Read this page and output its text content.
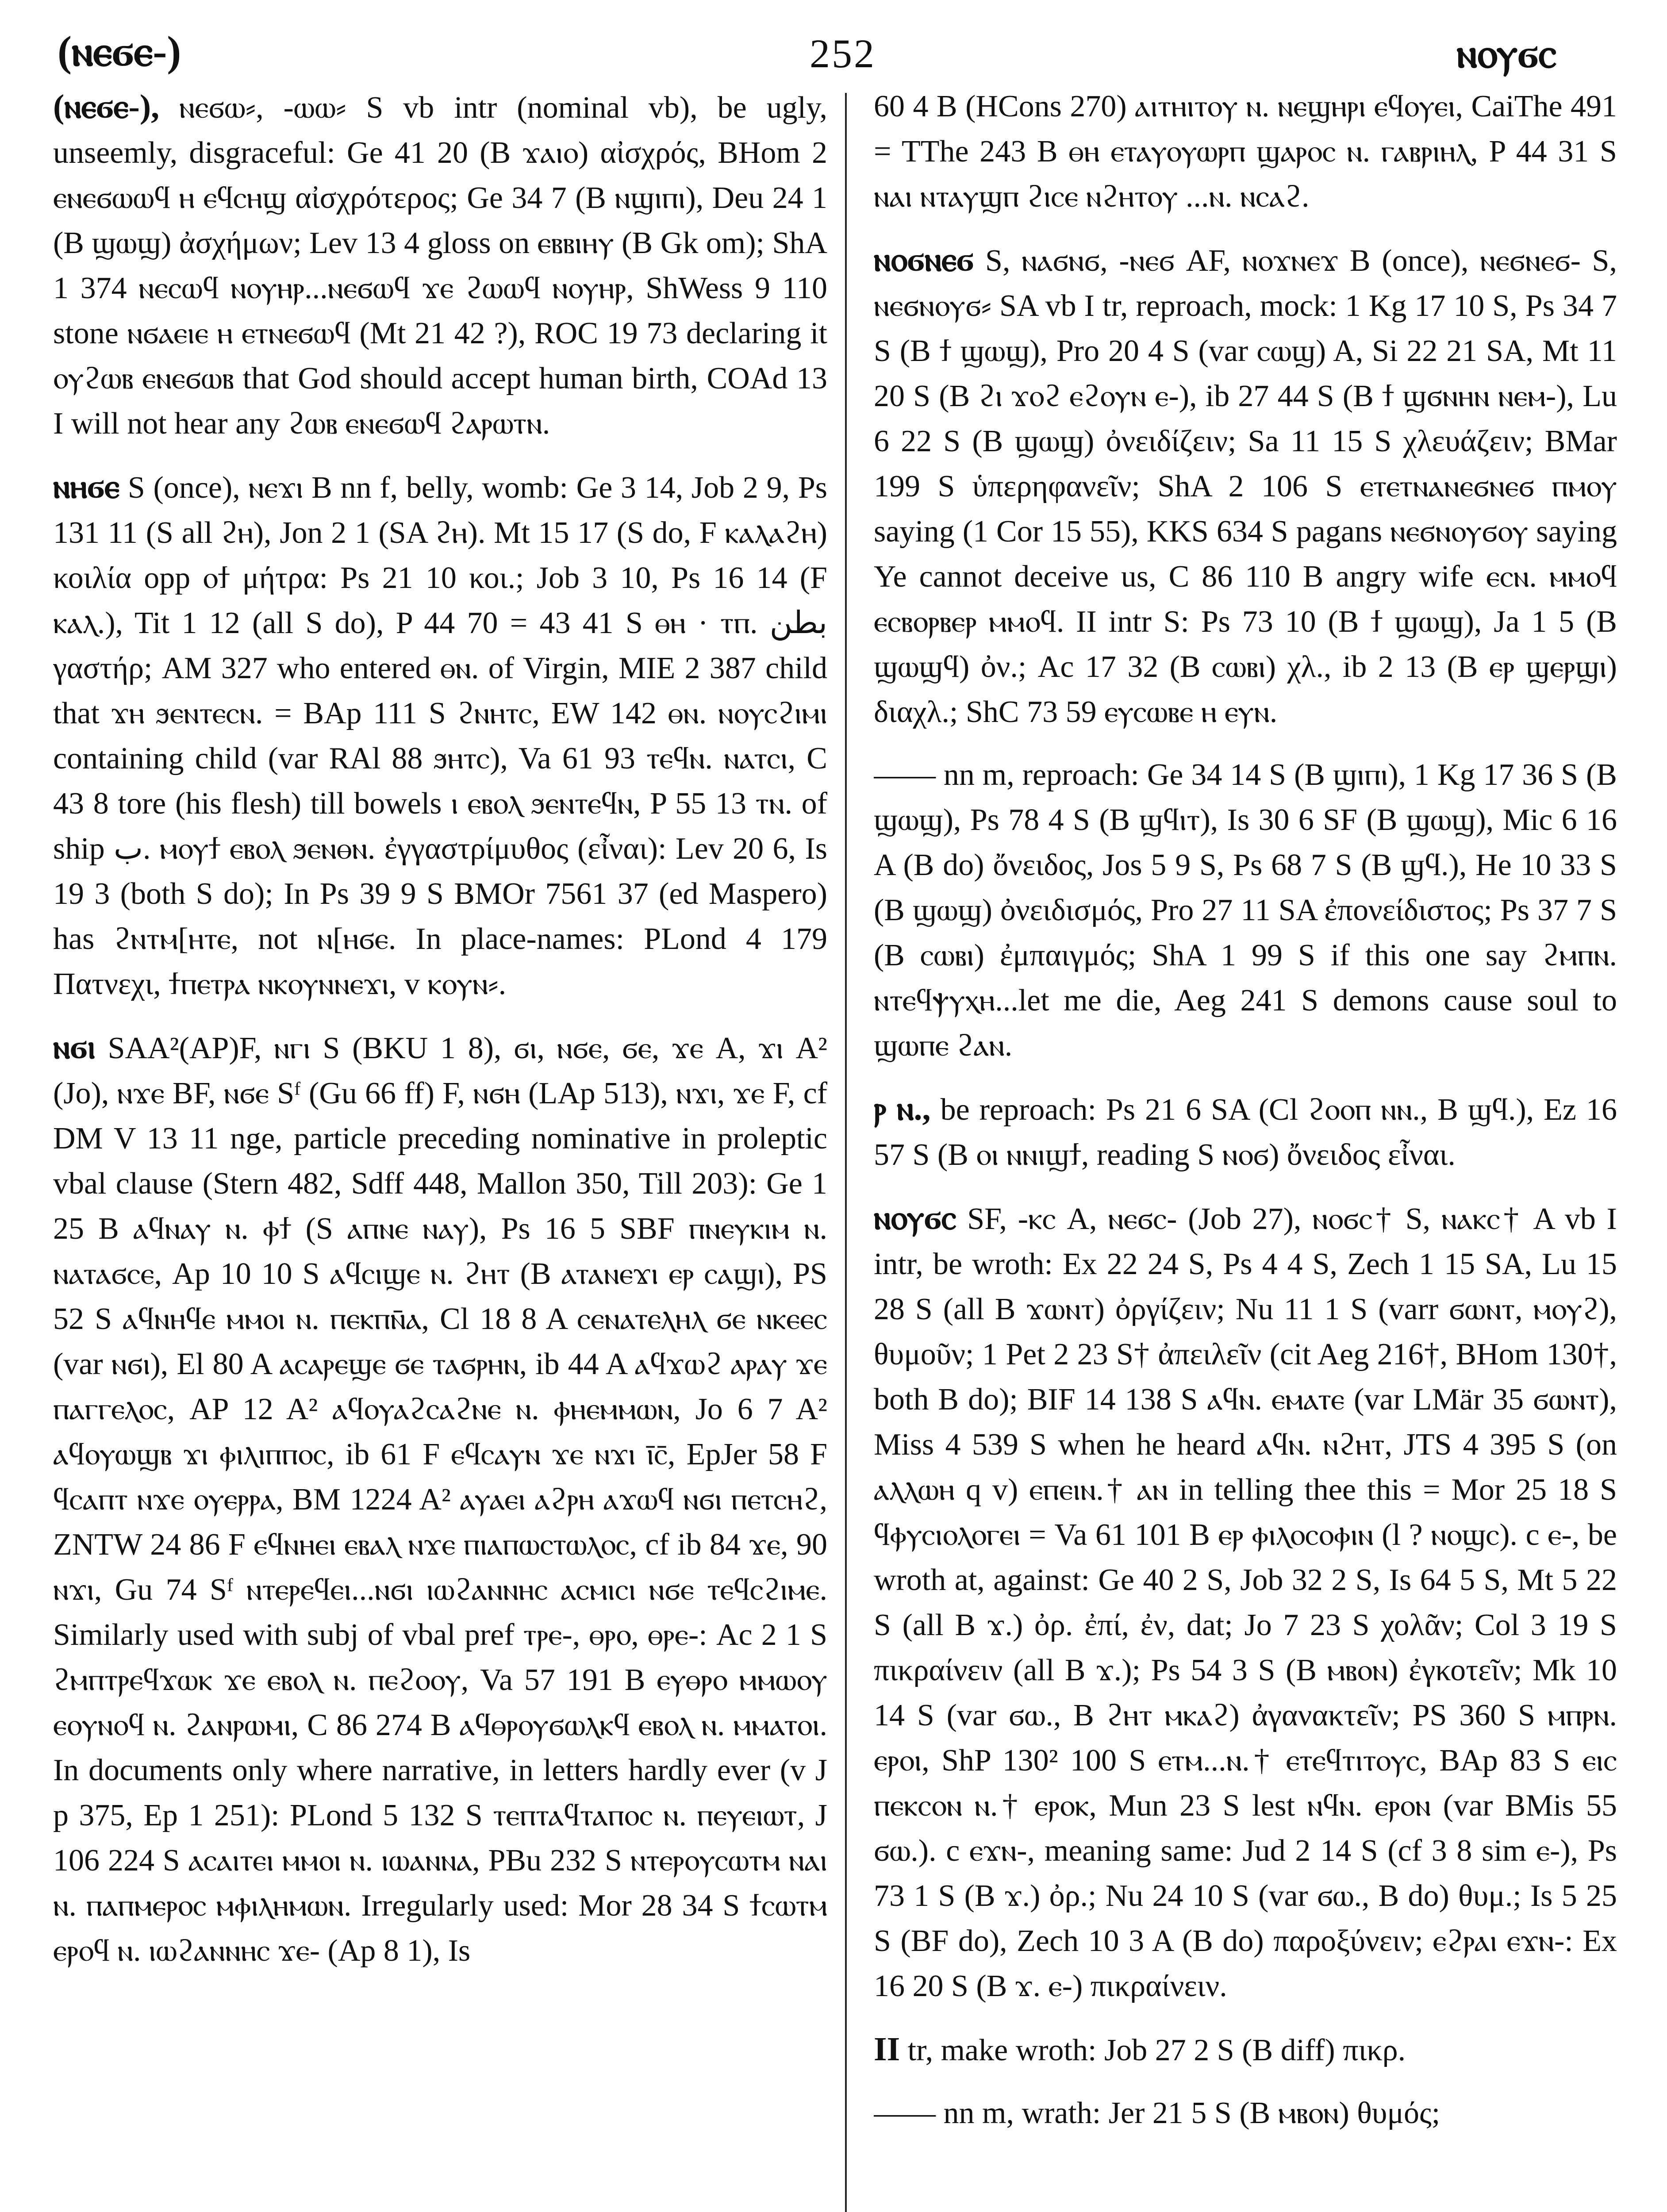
(ⲛⲉϭⲉ-)	252	ⲛⲟⲩϭⲥ

(ⲛⲉϭⲉ-), ⲛⲉϭⲱ⸗, -ⲱⲱ⸗ S vb intr (nominal vb), be ugly, unseemly, disgraceful: Ge 41 20 (B ϫⲁⲓⲟ) αἰσχρός, BHom 2 ⲉⲛⲉϭⲱⲱϥ ⲏ ⲉϥⲥⲏϣ αἰσχρότερος; Ge 34 7 (B ⲛϣⲓⲡⲓ), Deu 24 1 (B ϣⲱϣ) ἀσχήμων; Lev 13 4 gloss on ⲉⲃⲃⲓⲏⲩ (B Gk om); ShA 1 374 ⲛⲉⲥⲱϥ ⲛⲟⲩⲏⲣ...ⲛⲉϭⲱϥ ϫⲉ ϩⲱⲱϥ ⲛⲟⲩⲏⲣ, ShWess 9 110 stone ⲛϭⲁⲉⲓⲉ ⲏ ⲉⲧⲛⲉϭⲱϥ (Mt 21 42 ?), ROC 19 73 declaring it ⲟⲩϩⲱⲃ ⲉⲛⲉϭⲱⲃ that God should accept human birth, COAd 13 I will not hear any ϩⲱⲃ ⲉⲛⲉϭⲱϥ ϩⲁⲣⲱⲧⲛ.

ⲛⲏϭⲉ S (once), ⲛⲉϫⲓ B nn f, belly, womb: Ge 3 14, Job 2 9, Ps 131 11 (S all ϩⲏ), Jon 2 1 (SA ϩⲏ). Mt 15 17 (S do, F ⲕⲁⲗⲁϩⲏ) κοιλία opp ⲟϯ μήτρα: Ps 21 10 κοι.; Job 3 10, Ps 16 14 (F ⲕⲁⲗ.), Tit 1 12 (all S do), P 44 70 = 43 41 S ⲑⲏ · ⲧⲡ. بطن γαστήρ; AM 327 who entered ⲑⲛ. of Virgin, MIE 2 387 child that ϫⲏ ϧⲉⲛⲧⲉⲥⲛ. = BAp 111 S ϩⲛⲏⲧⲥ, EW 142 ⲑⲛ. ⲛⲟⲩⲥϩⲓⲙⲓ containing child (var RAl 88 ϧⲏⲧⲥ), Va 61 93 ⲧⲉϥⲛ. ⲛⲁⲧⲥⲓ, C 43 8 tore (his flesh) till bowels ⲓ ⲉⲃⲟⲗ ϧⲉⲛⲧⲉϥⲛ, P 55 13 ⲧⲛ. of ship ب. ⲙⲟⲩϯ ⲉⲃⲟⲗ ϧⲉⲛⲑⲛ. ἐγγαστρίμυθος (εἶναι): Lev 20 6, Is 19 3 (both S do); In Ps 39 9 S BMOr 7561 37 (ed Maspero) has ϩⲛⲧⲙ[ⲏⲧⲉ, not ⲛ[ⲏϭⲉ. In place-names: PLond 4 179 Πατνεχι, ϯⲡⲉⲧⲣⲁ ⲛⲕⲟⲩⲛⲛⲉϫⲓ, v ⲕⲟⲩⲛ⸗.

ⲛϭⲓ SAA²(AP)F, ⲛⲅⲓ S (BKU 1 8), ϭⲓ, ⲛϭⲉ, ϭⲉ, ϫⲉ A, ϫⲓ A² (Jo), ⲛϫⲉ BF, ⲛϭⲉ Sᶠ (Gu 66 ff) F, ⲛϭⲏ (LAp 513), ⲛϫⲓ, ϫⲉ F, cf DM V 13 11 nge, particle preceding nominative in proleptic vbal clause (Stern 482, Sdff 448, Mallon 350, Till 203): Ge 1 25 B ⲁϥⲛⲁⲩ ⲛ. ⲫϯ (S ⲁⲡⲛⲉ ⲛⲁⲩ), Ps 16 5 SBF ⲡⲛⲉⲩⲕⲓⲙ ⲛ. ⲛⲁⲧⲁϭⲥⲉ, Ap 10 10 S ⲁϥⲥⲓϣⲉ ⲛ. ϩⲏⲧ (B ⲁⲧⲁⲛⲉϫⲓ ⲉⲣ ⲥⲁϣⲓ), PS 52 S ⲁϥⲛⲏϥⲉ ⲙⲙⲟⲓ ⲛ. ⲡⲉⲕⲡⲛ̄ⲁ, Cl 18 8 A ⲥⲉⲛⲁⲧⲉⲗⲏⲗ ϭⲉ ⲛⲕⲉⲉⲥ (var ⲛϭⲓ), El 80 A ⲁⲥⲁⲣⲉϣⲉ ϭⲉ ⲧⲁϭⲣⲏⲛ, ib 44 A ⲁϥϫⲱϩ ⲁⲣⲁⲩ ϫⲉ ⲡⲁⲅⲅⲉⲗⲟⲥ, AP 12 A² ⲁϥⲟⲩⲁϩⲥⲁϩⲛⲉ ⲛ. ⲫⲏⲉⲙⲙⲱⲛ, Jo 6 7 A² ⲁϥⲟⲩⲱϣⲃ ϫⲓ ⲫⲓⲗⲓⲡⲡⲟⲥ, ib 61 F ⲉϥⲥⲁⲩⲛ ϫⲉ ⲛϫⲓ ⲓ̄ⲥ̄, EpJer 58 F ϥⲥⲁⲡⲧ ⲛϫⲉ ⲟⲩⲉⲣⲣⲁ, BM 1224 A² ⲁⲩⲁⲉⲓ ⲁϩⲣⲏ ⲁϫⲱϥ ⲛϭⲓ ⲡⲉⲧⲥⲏϩ, ZNTW 24 86 F ⲉϥⲛⲏⲉⲓ ⲉⲃⲁⲗ ⲛϫⲉ ⲡⲓⲁⲡⲱⲥⲧⲱⲗⲟⲥ, cf ib 84 ϫⲉ, 90 ⲛϫⲓ, Gu 74 Sᶠ ⲛⲧⲉⲣⲉϥⲉⲓ...ⲛϭⲓ ⲓⲱϩⲁⲛⲛⲏⲥ ⲁⲥⲙⲓⲥⲓ ⲛϭⲉ ⲧⲉϥⲥϩⲓⲙⲉ. Similarly used with subj of vbal pref ⲧⲣⲉ-, ⲑⲣⲟ, ⲑⲣⲉ-: Ac 2 1 S ϩⲙⲡⲧⲣⲉϥϫⲱⲕ ϫⲉ ⲉⲃⲟⲗ ⲛ. ⲡⲉϩⲟⲟⲩ, Va 57 191 B ⲉⲩⲑⲣⲟ ⲙⲙⲱⲟⲩ ⲉⲟⲩⲛⲟϥ ⲛ. ϩⲁⲛⲣⲱⲙⲓ, C 86 274 B ⲁϥⲑⲣⲟⲩϭⲱⲗⲕϥ ⲉⲃⲟⲗ ⲛ. ⲙⲙⲁⲧⲟⲓ. In documents only where narrative, in letters hardly ever (v J p 375, Ep 1 251): PLond 5 132 S ⲧⲉⲡⲧⲁϥⲧⲁⲡⲟⲥ ⲛ. ⲡⲉⲩⲉⲓⲱⲧ, J 106 224 S ⲁⲥⲁⲓⲧⲉⲓ ⲙⲙⲟⲓ ⲛ. ⲓⲱⲁⲛⲛⲁ, PBu 232 S ⲛⲧⲉⲣⲟⲩⲥⲱⲧⲙ ⲛⲁⲓ ⲛ. ⲡⲁⲡⲙⲉⲣⲟⲥ ⲙⲫⲓⲗⲏⲙⲱⲛ. Irregularly used: Mor 28 34 S ϯⲥⲱⲧⲙ ⲉⲣⲟϥ ⲛ. ⲓⲱϩⲁⲛⲛⲏⲥ ϫⲉ- (Ap 8 1), Is

60 4 B (HCons 270) ⲁⲓⲧⲏⲓⲧⲟⲩ ⲛ. ⲛⲉϣⲏⲣⲓ ⲉϥⲟⲩⲉⲓ, CaiThe 491 = TThe 243 B ⲑⲏ ⲉⲧⲁⲩⲟⲩⲱⲣⲡ ϣⲁⲣⲟⲥ ⲛ. ⲅⲁⲃⲣⲓⲏⲗ, P 44 31 S ⲛⲁⲓ ⲛⲧⲁⲩϣⲡ ϩⲓⲥⲉ ⲛϩⲏⲧⲟⲩ ...ⲛ. ⲛⲥⲁϩ.

ⲛⲟϭⲛⲉϭ S, ⲛⲁϭⲛϭ, -ⲛⲉϭ AF, ⲛⲟϫⲛⲉϫ B (once), ⲛⲉϭⲛⲉϭ- S, ⲛⲉϭⲛⲟⲩϭ⸗ SA vb I tr, reproach, mock: 1 Kg 17 10 S, Ps 34 7 S (B ϯ ϣⲱϣ), Pro 20 4 S (var ⲥⲱϣ) A, Si 22 21 SA, Mt 11 20 S (B ϩⲓ ϫⲟϩ ⲉϩⲟⲩⲛ ⲉ-), ib 27 44 S (B ϯ ϣϭⲛⲏⲛ ⲛⲉⲙ-), Lu 6 22 S (B ϣⲱϣ) ὀνειδίζειν; Sa 11 15 S χλευάζειν; BMar 199 S ὑπερηφανεῖν; ShA 2 106 S ⲉⲧⲉⲧⲛⲁⲛⲉϭⲛⲉϭ ⲡⲙⲟⲩ saying (1 Cor 15 55), KKS 634 S pagans ⲛⲉϭⲛⲟⲩϭⲟⲩ saying Ye cannot deceive us, C 86 110 B angry wife ⲉⲥⲛ. ⲙⲙⲟϥ ⲉⲥⲃⲟⲣⲃⲉⲣ ⲙⲙⲟϥ. II intr S: Ps 73 10 (B ϯ ϣⲱϣ), Ja 1 5 (B ϣⲱϣϥ) ὀν.; Ac 17 32 (B ⲥⲱⲃⲓ) χλ., ib 2 13 (B ⲉⲣ ϣⲉⲣϣⲓ) διαχλ.; ShC 73 59 ⲉⲩⲥⲱⲃⲉ ⲏ ⲉⲩⲛ.

—— nn m, reproach: Ge 34 14 S (B ϣⲓⲡⲓ), 1 Kg 17 36 S (B ϣⲱϣ), Ps 78 4 S (B ϣϥⲓⲧ), Is 30 6 SF (B ϣⲱϣ), Mic 6 16 A (B do) ὄνειδος, Jos 5 9 S, Ps 68 7 S (B ϣϥ.), He 10 33 S (B ϣⲱϣ) ὀνειδισμός, Pro 27 11 SA ἐπονείδιστος; Ps 37 7 S (B ⲥⲱⲃⲓ) ἐμπαιγμός; ShA 1 99 S if this one say ϩⲙⲡⲛ. ⲛⲧⲉϥⲯⲩⲭⲏ...let me die, Aeg 241 S demons cause soul to ϣⲱⲡⲉ ϩⲁⲛ.

ⲣ ⲛ., be reproach: Ps 21 6 SA (Cl ϩⲟⲟⲡ ⲛⲛ., B ϣϥ.), Ez 16 57 S (B ⲟⲓ ⲛⲛⲓϣϯ, reading S ⲛⲟϭ) ὄνειδος εἶναι.

ⲛⲟⲩϭⲥ SF, -ⲕⲥ A, ⲛⲉϭⲥ- (Job 27), ⲛⲟϭⲥ† S, ⲛⲁⲕⲥ† A vb I intr, be wroth: Ex 22 24 S, Ps 4 4 S, Zech 1 15 SA, Lu 15 28 S (all B ϫⲱⲛⲧ) ὀργίζειν; Nu 11 1 S (varr ϭⲱⲛⲧ, ⲙⲟⲩϩ), θυμοῦν; 1 Pet 2 23 S† ἀπειλεῖν (cit Aeg 216†, BHom 130†, both B do); BIF 14 138 S ⲁϥⲛ. ⲉⲙⲁⲧⲉ (var LMär 35 ϭⲱⲛⲧ), Miss 4 539 S when he heard ⲁϥⲛ. ⲛϩⲏⲧ, JTS 4 395 S (on ⲁⲗⲗⲱⲏ q v) ⲉⲡⲉⲓⲛ.† ⲁⲛ in telling thee this = Mor 25 18 S ϥⲫⲩⲥⲓⲟⲗⲟⲅⲉⲓ = Va 61 101 B ⲉⲣ ⲫⲓⲗⲟⲥⲟⲫⲓⲛ (l ? ⲛⲟϣⲥ). c ⲉ-, be wroth at, against: Ge 40 2 S, Job 32 2 S, Is 64 5 S, Mt 5 22 S (all B ϫ.) ὀρ. ἐπί, ἐν, dat; Jo 7 23 S χολᾶν; Col 3 19 S πικραίνειν (all B ϫ.); Ps 54 3 S (B ⲙⲃⲟⲛ) ἐγκοτεῖν; Mk 10 14 S (var ϭⲱ., B ϩⲏⲧ ⲙⲕⲁϩ) ἀγανακτεῖν; PS 360 S ⲙⲡⲣⲛ. ⲉⲣⲟⲓ, ShP 130² 100 S ⲉⲧⲙ...ⲛ.† ⲉⲧⲉϥⲧⲓⲧⲟⲩⲥ, BAp 83 S ⲉⲓⲥ ⲡⲉⲕⲥⲟⲛ ⲛ.† ⲉⲣⲟⲕ, Mun 23 S lest ⲛϥⲛ. ⲉⲣⲟⲛ (var BMis 55 ϭⲱ.). c ⲉϫⲛ-, meaning same: Jud 2 14 S (cf 3 8 sim ⲉ-), Ps 73 1 S (B ϫ.) ὀρ.; Nu 24 10 S (var ϭⲱ., B do) θυμ.; Is 5 25 S (BF do), Zech 10 3 A (B do) παροξύνειν; ⲉϩⲣⲁⲓ ⲉϫⲛ-: Ex 16 20 S (B ϫ. ⲉ-) πικραίνειν.

II tr, make wroth: Job 27 2 S (B diff) πικρ.

—— nn m, wrath: Jer 21 5 S (B ⲙⲃⲟⲛ) θυμός;
